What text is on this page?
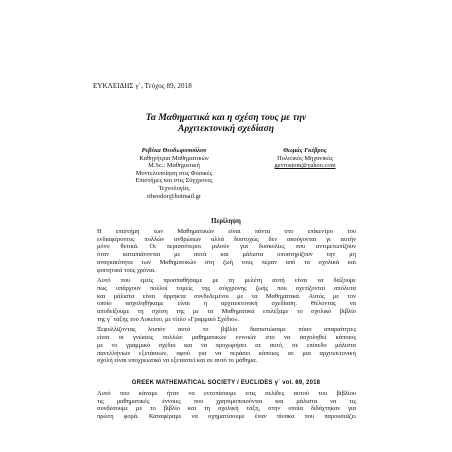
ΕΥΚΛΕΙΔΗΣ γ΄, Τεύχος 89, 2018
Τα Μαθηματικά και η σχέση τους με την
Αρχιτεκτονική σχεδίαση
Ρεβέκα Θεοδωροπούλου
Καθηγήτρια Μαθηματικών
M.Sc.: Μαθηματική
Μοντελοποίηση στις Φυσικές
Επιστήμες και στις Σύγχρονες
Τεχνολογίες
rtheodor@hotmail.gr
Θωμάς Γκέβρος
Πολιτικός Μηχανικός
gevrostom@yahoo.com
Περίληψη
Η επιστήμη των Μαθηματικών είναι πάντα στο επίκεντρο του
ενδιαφέροντος πολλών ανθρώπων αλλά δυστυχώς δεν ακούγονται γι αυτήν
μόνο θετικά. Οι περισσότεροι μιλούν για δυσκολίες που αντιμετωπίζουν
όταν καταπιάνονται με αυτά και μάλιστα υποστηρίζουν την μη
αναγκαιότητα των Μαθηματικών στη ζωή τους πέραν από τα σχολικά και
φοιτητικά τους χρόνια.
Αυτό που εμείς προσπαθήσαμε με τη μελέτη αυτή είναι να δείξουμε
πως υπάρχουν πολλοί τομείς της σύγχρονης ζωής που σχετίζονται απόλυτα
και μάλιστα είναι άρρηκτα συνδεδεμένοι με τα Μαθηματικά. Αυτός με τον
οποίο ασχοληθήκαμε είναι η αρχιτεκτονική σχεδίαση. Θέλοντας να
αποδείξουμε τη σχέση της με τα Μαθηματικά επιλέξαμε το σχολικό βιβλίο
της γ΄ τάξης του Λυκείου, με τίτλο «Γραμμικό Σχέδιο».
Ξεφυλλίζοντας λοιπόν αυτό το βιβλίο διαπιστώσαμε πόσο απαραίτητες
είναι οι γνώσεις πολλών μαθηματικών εννοιών στο να ασχοληθεί κάποιος
με το γραμμικό σχέδιο και να προχωρήσει σε αυτό, σε επίπεδο μάλιστα
πανελλήνιων εξετάσεων, αφού για να περάσει κάποιος σε μια αρχιτεκτονική
σχολή είναι υποχρεωτικό να εξεταστεί και σε αυτό το μάθημα.
GREEK MATHEMATICAL SOCIETY / EUCLIDES γ΄ vol. 89, 2018
Αυτό που κάναμε ήταν να εντοπίσουμε στις σελίδες αυτού του βιβλίου
τις μαθηματικές έννοιες που χρησιμοποιούνται και μάλιστα να τις
συνδέσουμε με το βιβλίο και τη σχολική τάξη, στην οποία διδάχτηκαν για
πρώτη φορά. Καταφέραμε να σχηματίσουμε έναν πίνακα που παρουσιάζει
